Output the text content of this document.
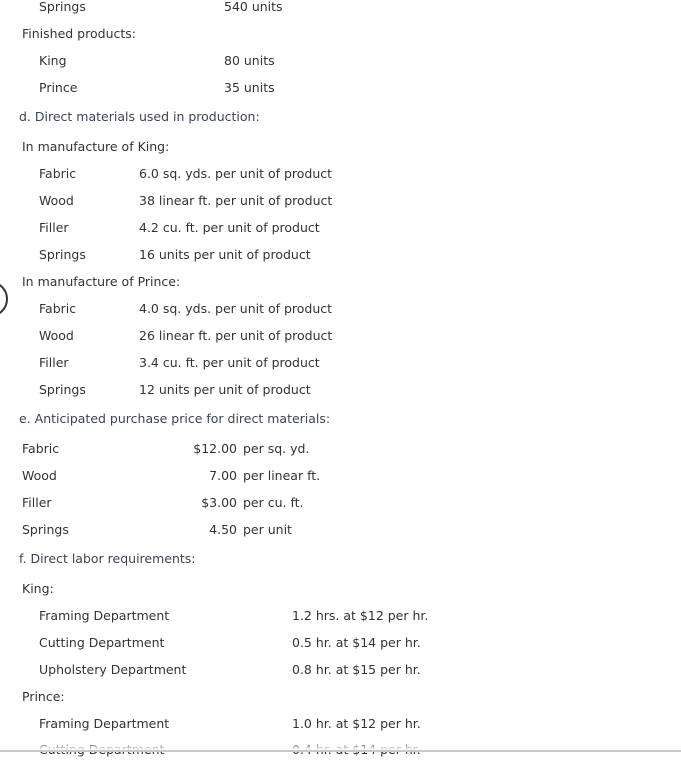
Springs	540 units
Finished products:
King	80 units
Prince	35 units
d. Direct materials used in production:
In manufacture of King:
Fabric	6.0 sq. yds. per unit of product
Wood	38 linear ft. per unit of product
Filler	4.2 cu. ft. per unit of product
Springs	16 units per unit of product
In manufacture of Prince:
Fabric	4.0 sq. yds. per unit of product
Wood	26 linear ft. per unit of product
Filler	3.4 cu. ft. per unit of product
Springs	12 units per unit of product
e. Anticipated purchase price for direct materials:
Fabric	$12.00 per sq. yd.
Wood	7.00 per linear ft.
Filler	$3.00 per cu. ft.
Springs	4.50 per unit
f. Direct labor requirements:
King:
Framing Department	1.2 hrs. at $12 per hr.
Cutting Department	0.5 hr. at $14 per hr.
Upholstery Department	0.8 hr. at $15 per hr.
Prince:
Framing Department	1.0 hr. at $12 per hr.
